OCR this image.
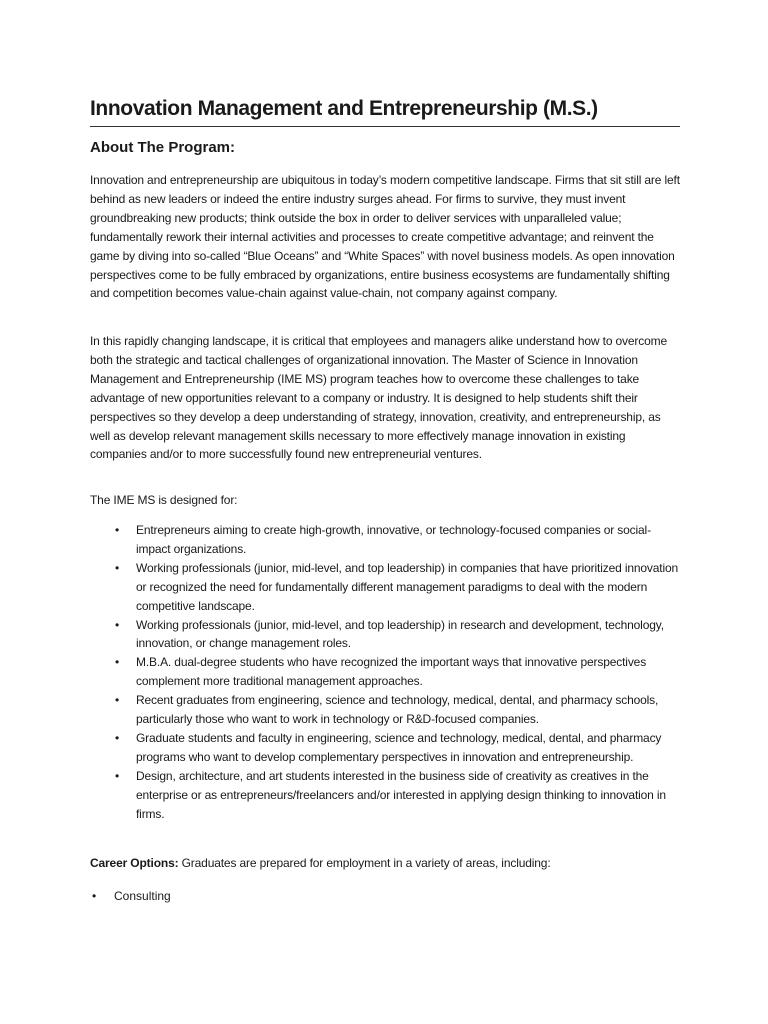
Innovation Management and Entrepreneurship (M.S.)
About The Program:

Innovation and entrepreneurship are ubiquitous in today’s modern competitive landscape. Firms that sit still are left behind as new leaders or indeed the entire industry surges ahead. For firms to survive, they must invent groundbreaking new products; think outside the box in order to deliver services with unparalleled value; fundamentally rework their internal activities and processes to create competitive advantage; and reinvent the game by diving into so-called “Blue Oceans” and “White Spaces” with novel business models. As open innovation perspectives come to be fully embraced by organizations, entire business ecosystems are fundamentally shifting and competition becomes value-chain against value-chain, not company against company.

In this rapidly changing landscape, it is critical that employees and managers alike understand how to overcome both the strategic and tactical challenges of organizational innovation. The Master of Science in Innovation Management and Entrepreneurship (IME MS) program teaches how to overcome these challenges to take advantage of new opportunities relevant to a company or industry. It is designed to help students shift their perspectives so they develop a deep understanding of strategy, innovation, creativity, and entrepreneurship, as well as develop relevant management skills necessary to more effectively manage innovation in existing companies and/or to more successfully found new entrepreneurial ventures.

The IME MS is designed for:

• Entrepreneurs aiming to create high-growth, innovative, or technology-focused companies or social-impact organizations.
• Working professionals (junior, mid-level, and top leadership) in companies that have prioritized innovation or recognized the need for fundamentally different management paradigms to deal with the modern competitive landscape.
• Working professionals (junior, mid-level, and top leadership) in research and development, technology, innovation, or change management roles.
• M.B.A. dual-degree students who have recognized the important ways that innovative perspectives complement more traditional management approaches.
• Recent graduates from engineering, science and technology, medical, dental, and pharmacy schools, particularly those who want to work in technology or R&D-focused companies.
• Graduate students and faculty in engineering, science and technology, medical, dental, and pharmacy programs who want to develop complementary perspectives in innovation and entrepreneurship.
• Design, architecture, and art students interested in the business side of creativity as creatives in the enterprise or as entrepreneurs/freelancers and/or interested in applying design thinking to innovation in firms.

Career Options: Graduates are prepared for employment in a variety of areas, including:

• Consulting
